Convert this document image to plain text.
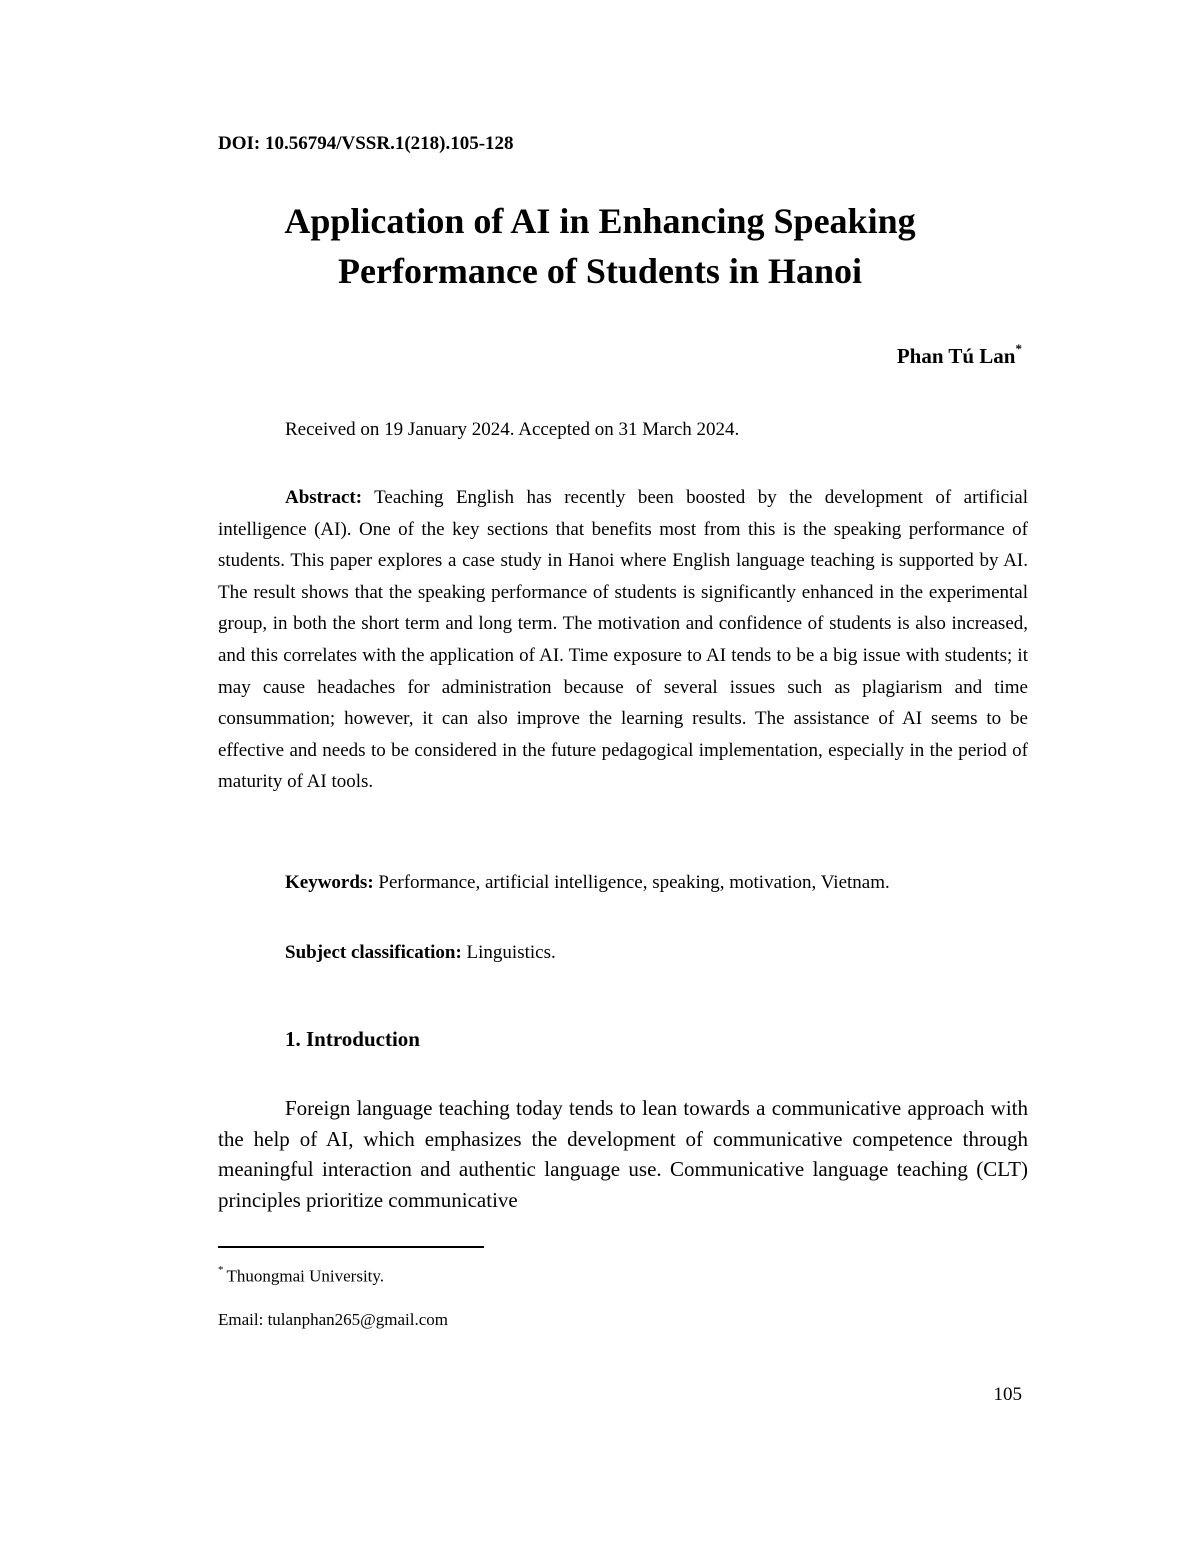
DOI: 10.56794/VSSR.1(218).105-128
Application of AI in Enhancing Speaking
Performance of Students in Hanoi
Phan Tú Lan*
Received on 19 January 2024. Accepted on 31 March 2024.

Abstract: Teaching English has recently been boosted by the development of artificial intelligence (AI). One of the key sections that benefits most from this is the speaking performance of students. This paper explores a case study in Hanoi where English language teaching is supported by AI. The result shows that the speaking performance of students is significantly enhanced in the experimental group, in both the short term and long term. The motivation and confidence of students is also increased, and this correlates with the application of AI. Time exposure to AI tends to be a big issue with students; it may cause headaches for administration because of several issues such as plagiarism and time consummation; however, it can also improve the learning results. The assistance of AI seems to be effective and needs to be considered in the future pedagogical implementation, especially in the period of maturity of AI tools.

Keywords: Performance, artificial intelligence, speaking, motivation, Vietnam.
Subject classification: Linguistics.
1. Introduction

Foreign language teaching today tends to lean towards a communicative approach with the help of AI, which emphasizes the development of communicative competence through meaningful interaction and authentic language use. Communicative language teaching (CLT) principles prioritize communicative

* Thuongmai University.
Email: tulanphan265@gmail.com
105
